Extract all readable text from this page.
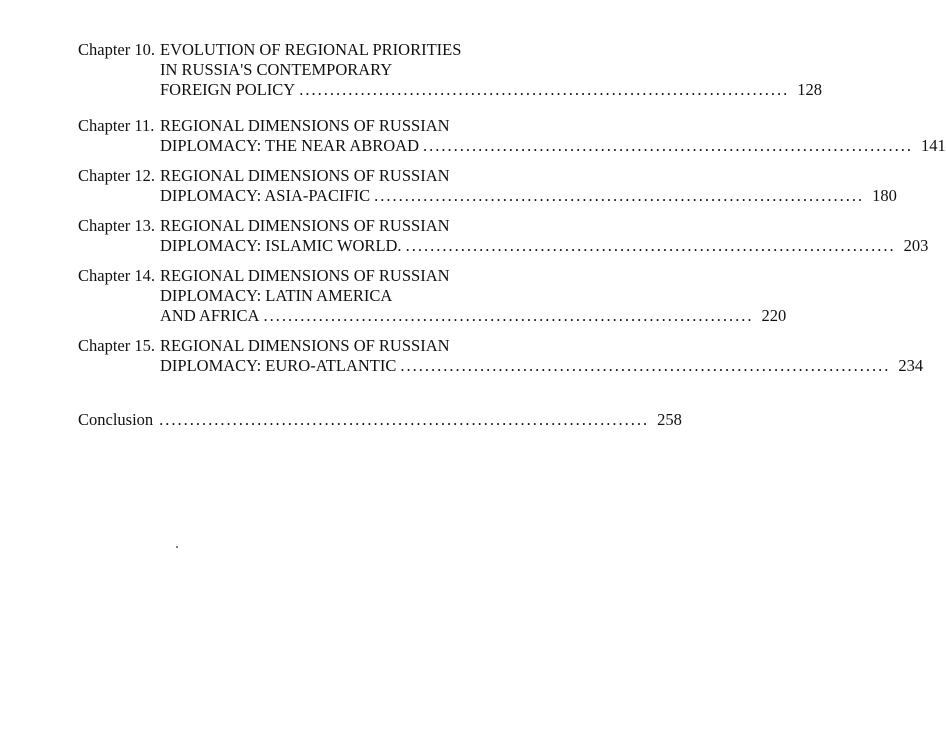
Chapter 10. EVOLUTION OF REGIONAL PRIORITIES
IN RUSSIA'S CONTEMPORARY
FOREIGN POLICY ................................................................................ 128
Chapter 11. REGIONAL DIMENSIONS OF RUSSIAN
DIPLOMACY: THE NEAR ABROAD ................................................................................ 141
Chapter 12. REGIONAL DIMENSIONS OF RUSSIAN
DIPLOMACY: ASIA-PACIFIC ................................................................................ 180
Chapter 13. REGIONAL DIMENSIONS OF RUSSIAN
DIPLOMACY: ISLAMIC WORLD. ................................................................................ 203
Chapter 14. REGIONAL DIMENSIONS OF RUSSIAN
DIPLOMACY: LATIN AMERICA
AND AFRICA ................................................................................ 220
Chapter 15. REGIONAL DIMENSIONS OF RUSSIAN
DIPLOMACY: EURO-ATLANTIC ................................................................................ 234
Conclusion ................................................................................ 258
